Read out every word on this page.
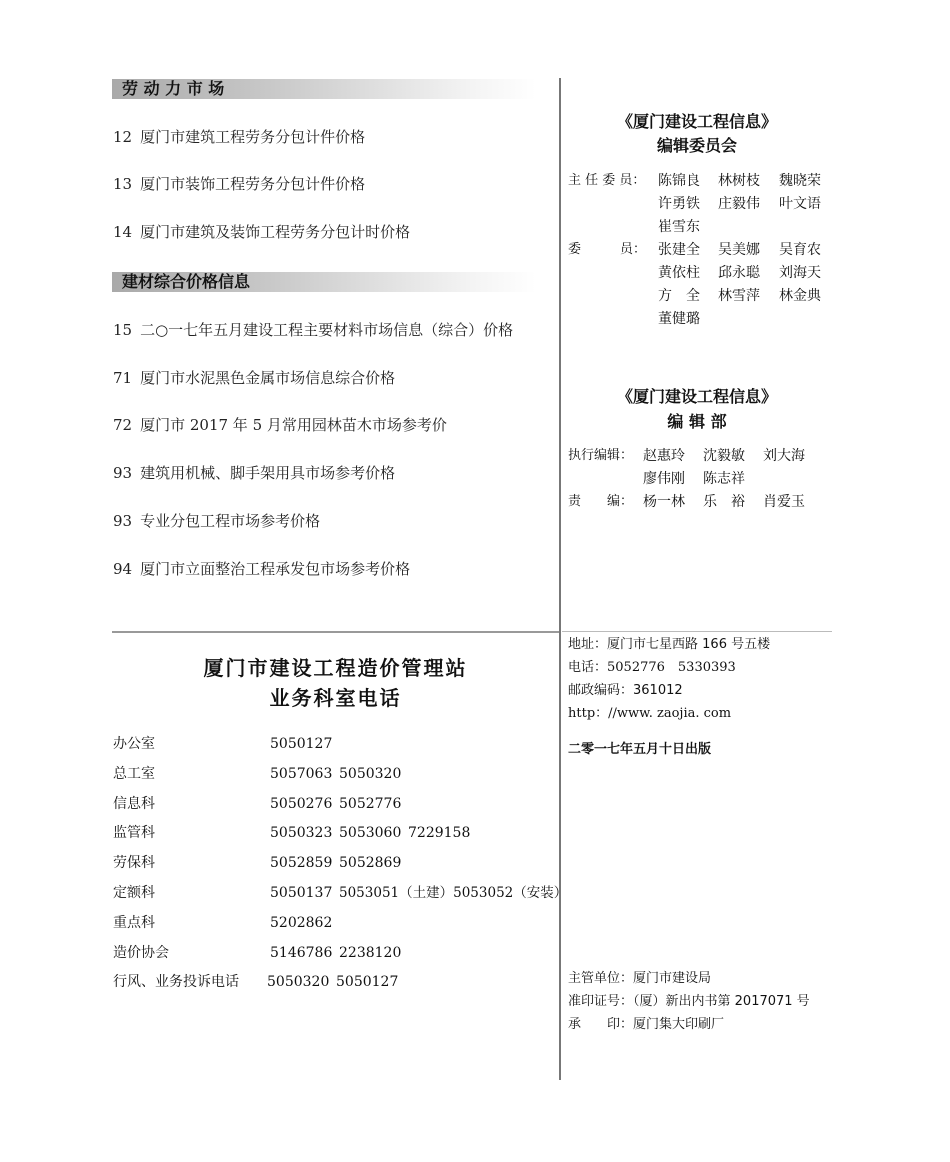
劳 动 力 市 场
12 厦门市建筑工程劳务分包计件价格
13 厦门市装饰工程劳务分包计件价格
14 厦门市建筑及装饰工程劳务分包计时价格
建材综合价格信息
15 二○一七年五月建设工程主要材料市场信息（综合）价格
71 厦门市水泥黑色金属市场信息综合价格
72 厦门市 2017 年 5 月常用园林苗木市场参考价
93 建筑用机械、脚手架用具市场参考价格
93 专业分包工程市场参考价格
94 厦门市立面整治工程承发包市场参考价格
《厦门建设工程信息》
编辑委员会
主 任 委 员： 陈锦良 林树枝 魏晓荣
许勇铁 庄毅伟 叶文语
崔雪东
委　　　员： 张建全 吴美娜 吴育农
黄依柱 邱永聪 刘海天
方　全 林雪萍 林金典
董健璐
《厦门建设工程信息》
编 辑 部
执行编辑： 赵惠玲 沈毅敏 刘大海
廖伟刚 陈志祥
责　　编： 杨一林 乐　裕 肖爱玉
地址：厦门市七星西路 166 号五楼
电话：5052776　5330393
邮政编码：361012
http：//www. zaojia. com
二零一七年五月十日出版
主管单位：厦门市建设局
准印证号：（厦）新出内书第 2017071 号
承　　印：厦门集大印刷厂
厦门市建设工程造价管理站
业务科室电话
办公室	5050127
总工室	5057063 5050320
信息科	5050276 5052776
监管科	5050323 5053060 7229158
劳保科	5052859 5052869
定额科	5050137 5053051（土建）5053052（安装）
重点科	5202862
造价协会	5146786 2238120
行风、业务投诉电话 5050320 5050127
